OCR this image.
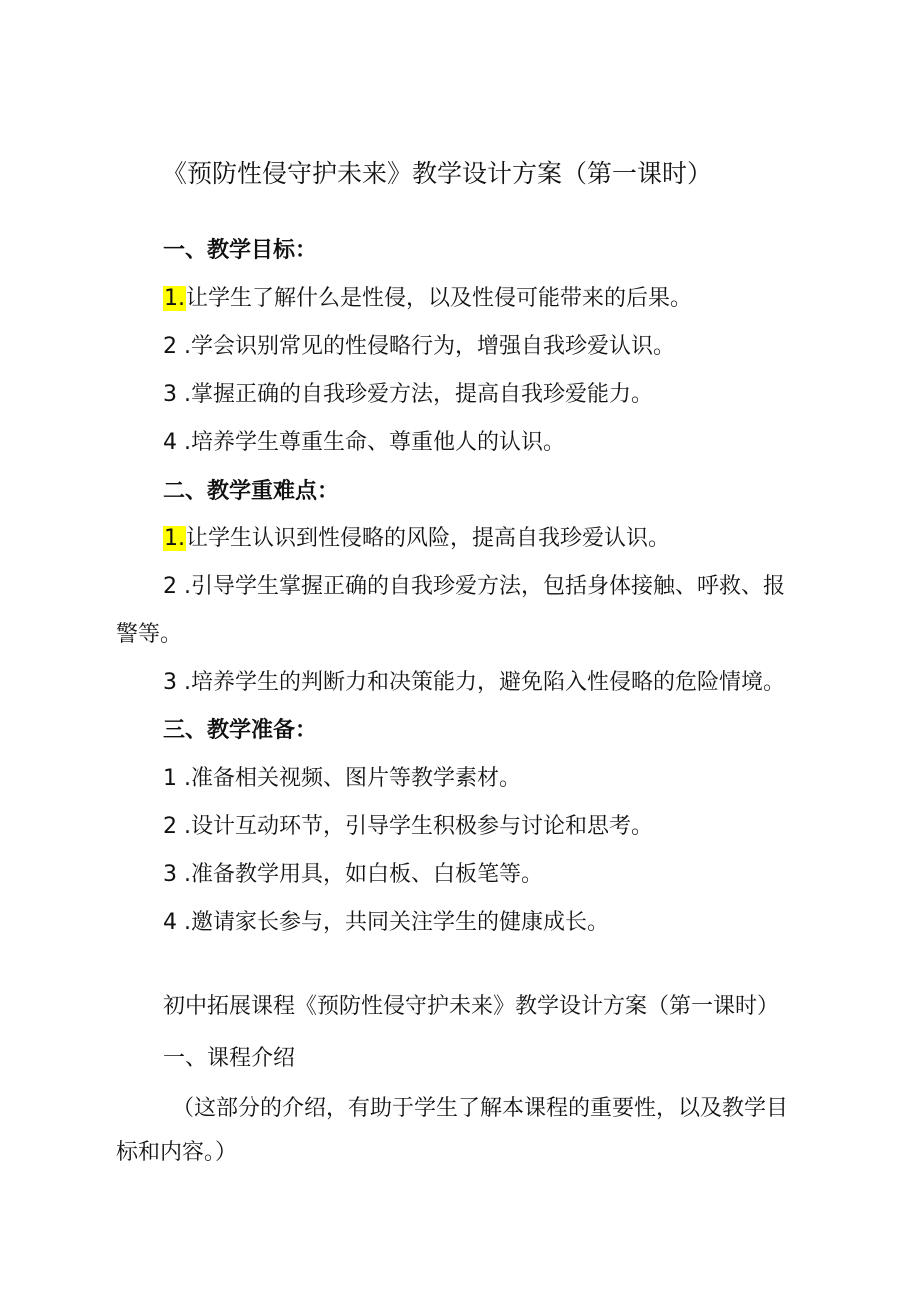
《预防性侵守护未来》教学设计方案（第一课时）
一、教学目标：
1.让学生了解什么是性侵，以及性侵可能带来的后果。
2 .学会识别常见的性侵略行为，增强自我珍爱认识。
3 .掌握正确的自我珍爱方法，提高自我珍爱能力。
4 .培养学生尊重生命、尊重他人的认识。
二、教学重难点：
1.让学生认识到性侵略的风险，提高自我珍爱认识。
2 .引导学生掌握正确的自我珍爱方法，包括身体接触、呼救、报
警等。
3 .培养学生的判断力和决策能力，避免陷入性侵略的危险情境。
三、教学准备：
1 .准备相关视频、图片等教学素材。
2 .设计互动环节，引导学生积极参与讨论和思考。
3 .准备教学用具，如白板、白板笔等。
4 .邀请家长参与，共同关注学生的健康成长。
初中拓展课程《预防性侵守护未来》教学设计方案（第一课时）
一、课程介绍
（这部分的介绍，有助于学生了解本课程的重要性，以及教学目
标和内容。）
